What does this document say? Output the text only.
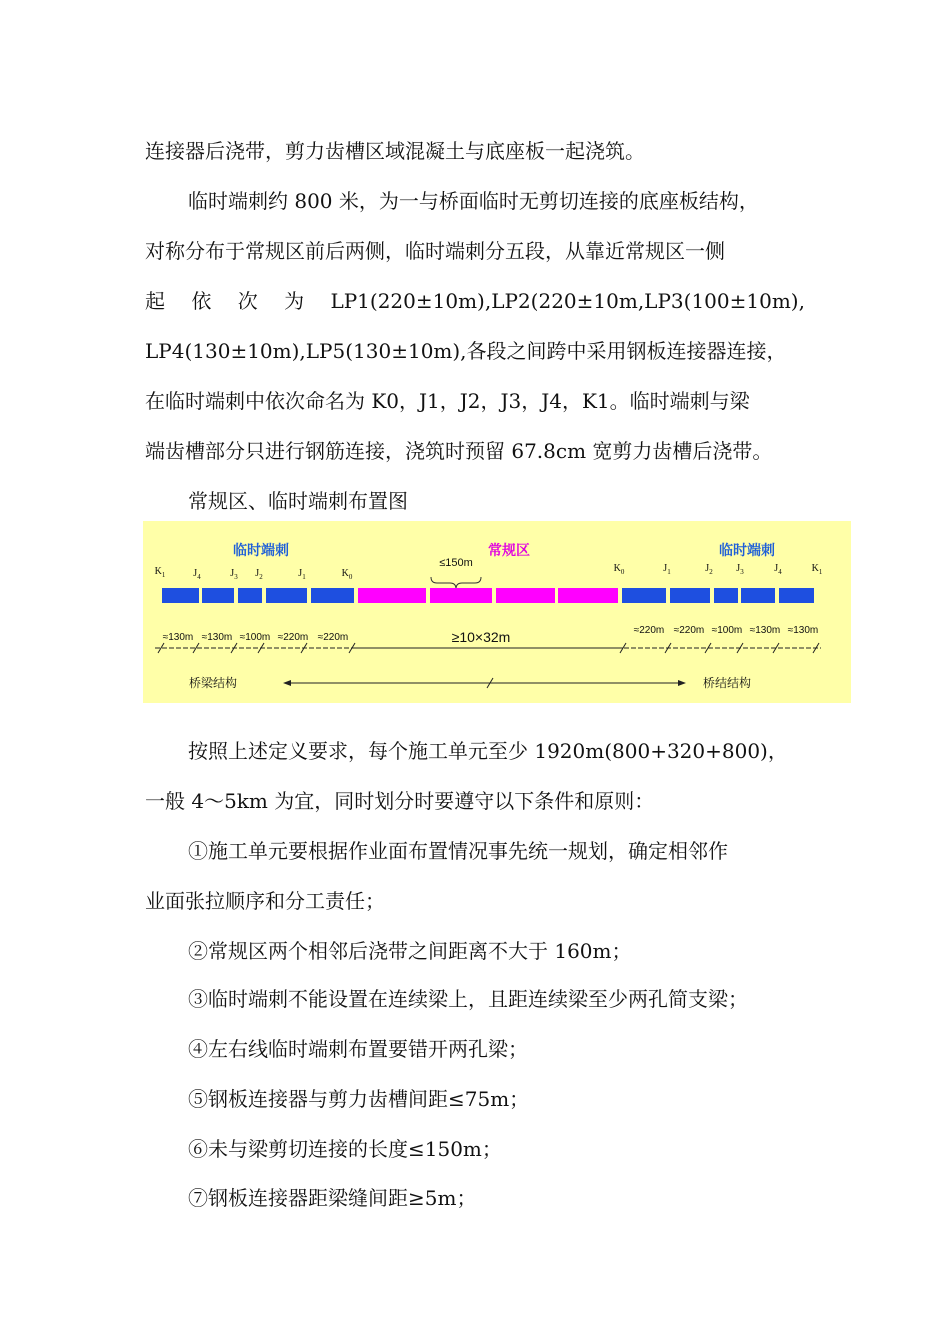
连接器后浇带，剪力齿槽区域混凝土与底座板一起浇筑。
临时端刺约 800 米，为一与桥面临时无剪切连接的底座板结构，
对称分布于常规区前后两侧，临时端刺分五段，从靠近常规区一侧
起 依 次 为 LP1(220±10m),LP2(220±10m,LP3(100±10m),
LP4(130±10m),LP5(130±10m),各段之间跨中采用钢板连接器连接，
在临时端刺中依次命名为 K0，J1，J2，J3，J4，K1。临时端刺与梁
端齿槽部分只进行钢筋连接，浇筑时预留 67.8cm 宽剪力齿槽后浇带。
常规区、临时端刺布置图
临时端刺	常规区	临时端刺
≤150m
$K_1$	$J_4$	$J_3$ $J_2$	$J_1$	$K_0$
$K_0$	$J_1$	$J_2$ $J_3$	$J_4$	$K_1$
≈130m ≈130m ≈100m ≈220m ≈220m
≈220m ≈220m ≈100m ≈130m ≈130m
≥10×32m
桥梁结构	桥结结构
按照上述定义要求，每个施工单元至少 1920m(800+320+800)，
一般 4～5km 为宜，同时划分时要遵守以下条件和原则：
①施工单元要根据作业面布置情况事先统一规划，确定相邻作
业面张拉顺序和分工责任；
②常规区两个相邻后浇带之间距离不大于 160m；
③临时端刺不能设置在连续梁上，且距连续梁至少两孔简支梁；
④左右线临时端刺布置要错开两孔梁；
⑤钢板连接器与剪力齿槽间距≤75m；
⑥未与梁剪切连接的长度≤150m；
⑦钢板连接器距梁缝间距≥5m；
